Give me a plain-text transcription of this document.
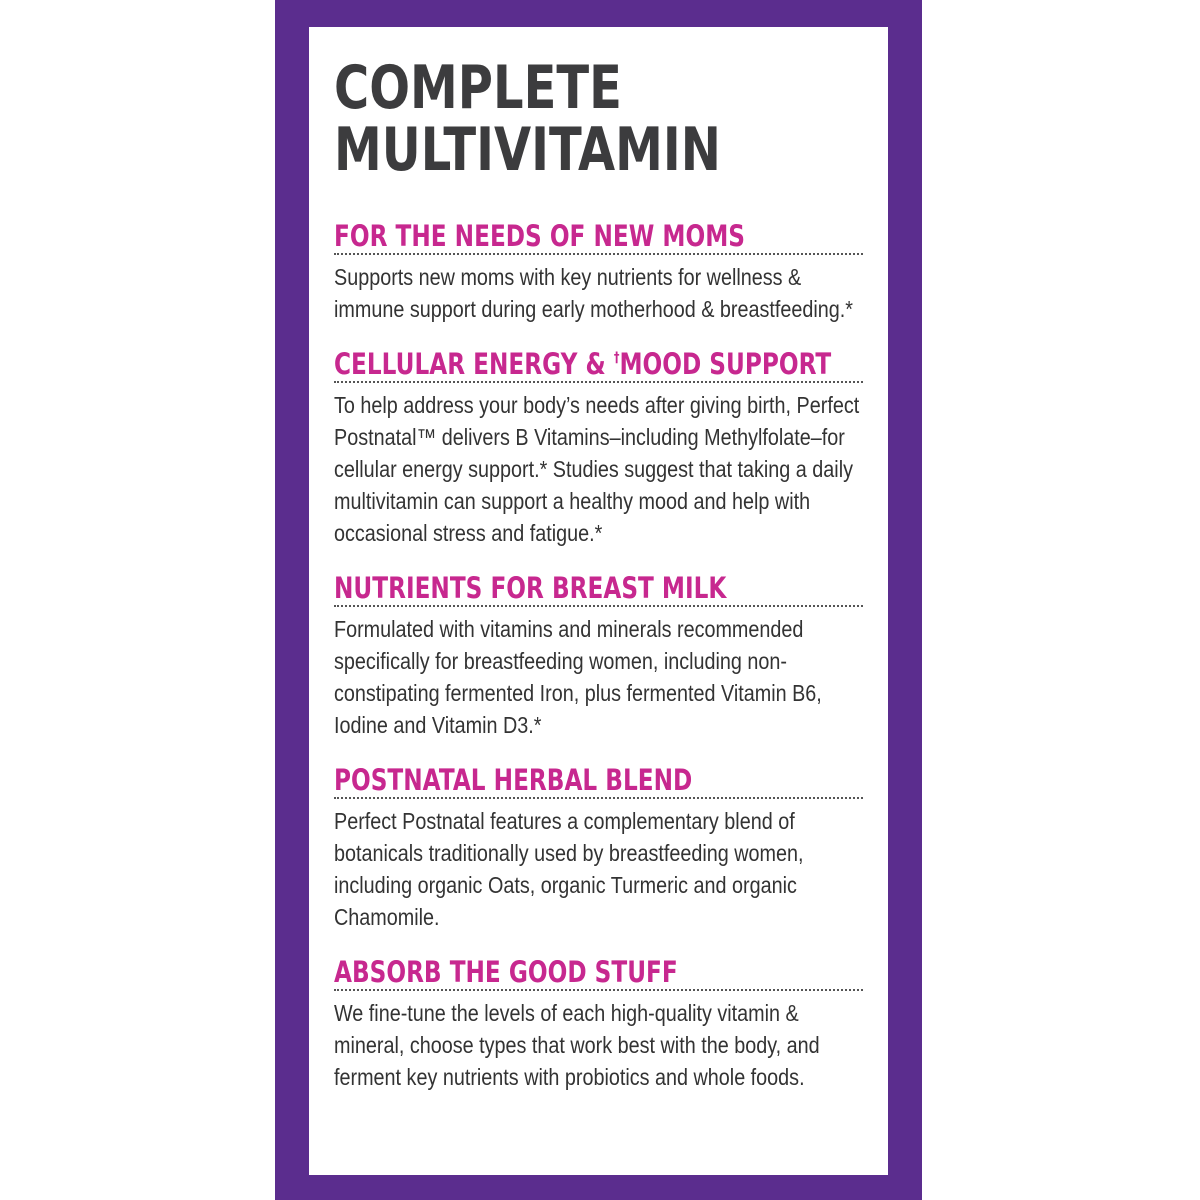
COMPLETE
MULTIVITAMIN
FOR THE NEEDS OF NEW MOMS

Supports new moms with key nutrients for wellness & immune support during early motherhood & breastfeeding.*

CELLULAR ENERGY & †MOOD SUPPORT

To help address your body’s needs after giving birth, Perfect Postnatal™ delivers B Vitamins–including Methylfolate–for cellular energy support.* Studies suggest that taking a daily multivitamin can support a healthy mood and help with occasional stress and fatigue.*

NUTRIENTS FOR BREAST MILK

Formulated with vitamins and minerals recommended specifically for breastfeeding women, including non-constipating fermented Iron, plus fermented Vitamin B6, Iodine and Vitamin D3.*

POSTNATAL HERBAL BLEND

Perfect Postnatal features a complementary blend of botanicals traditionally used by breastfeeding women, including organic Oats, organic Turmeric and organic Chamomile.

ABSORB THE GOOD STUFF

We fine-tune the levels of each high-quality vitamin & mineral, choose types that work best with the body, and ferment key nutrients with probiotics and whole foods.
